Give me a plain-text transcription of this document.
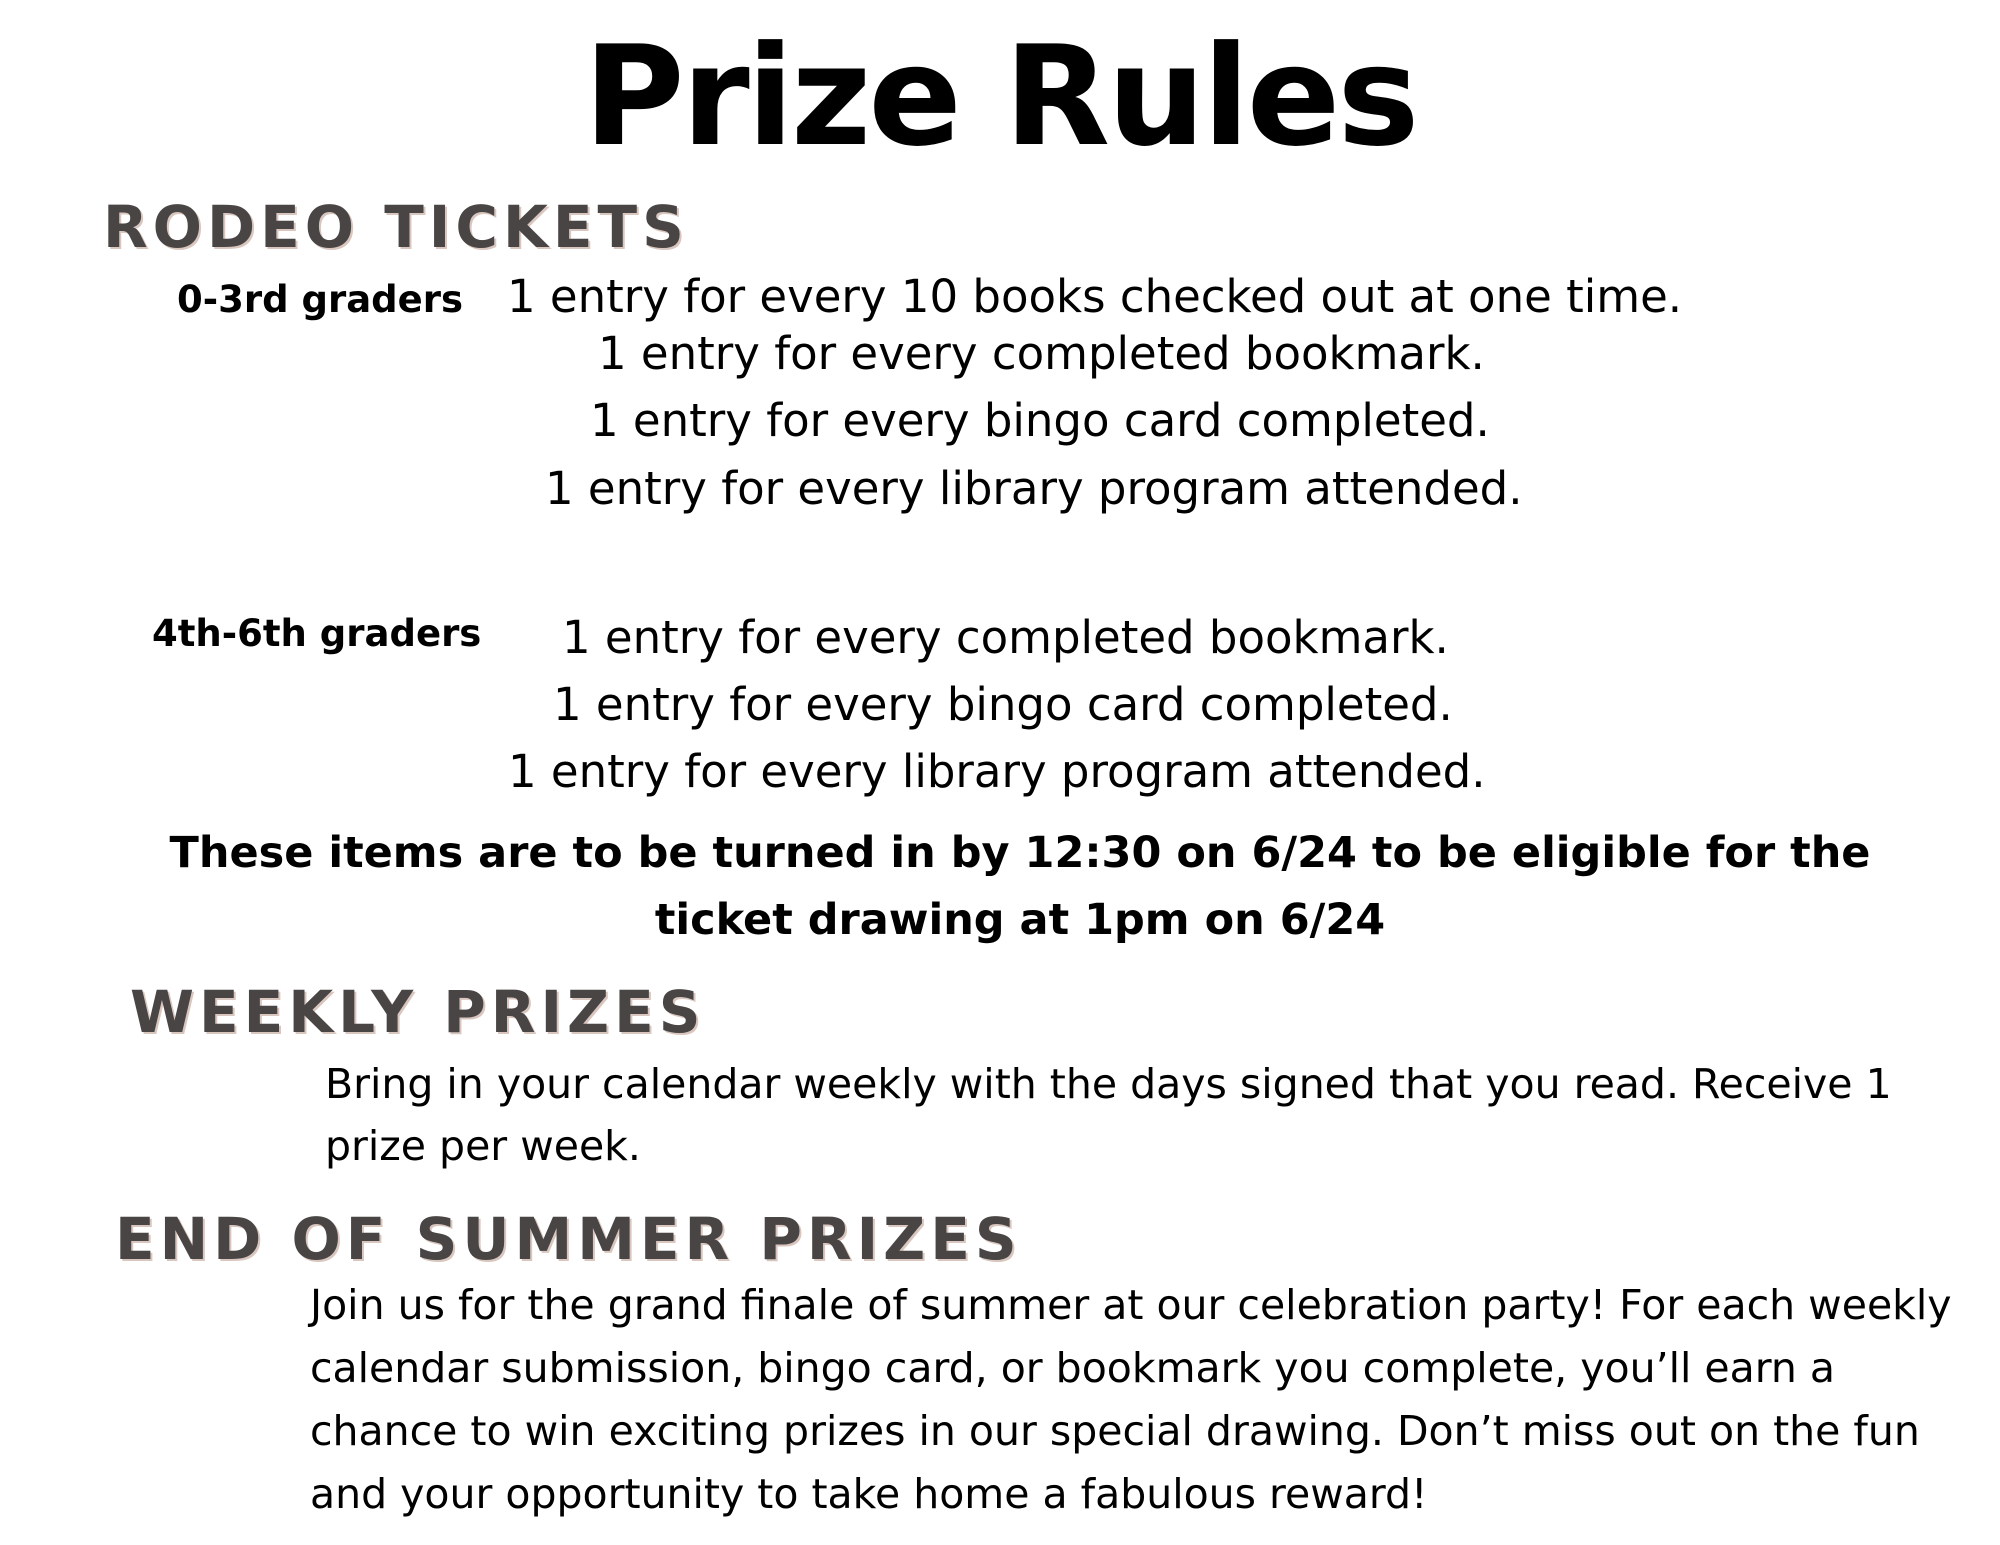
Prize Rules
RODEO TICKETS
0-3rd graders 1 entry for every 10 books checked out at one time.
1 entry for every completed bookmark.
1 entry for every bingo card completed.
1 entry for every library program attended.
4th-6th graders 1 entry for every completed bookmark.
1 entry for every bingo card completed.
1 entry for every library program attended.
These items are to be turned in by 12:30 on 6/24 to be eligible for the ticket drawing at 1pm on 6/24
WEEKLY PRIZES
Bring in your calendar weekly with the days signed that you read. Receive 1 prize per week.
END OF SUMMER PRIZES
Join us for the grand finale of summer at our celebration party! For each weekly calendar submission, bingo card, or bookmark you complete, you’ll earn a chance to win exciting prizes in our special drawing. Don’t miss out on the fun and your opportunity to take home a fabulous reward!
